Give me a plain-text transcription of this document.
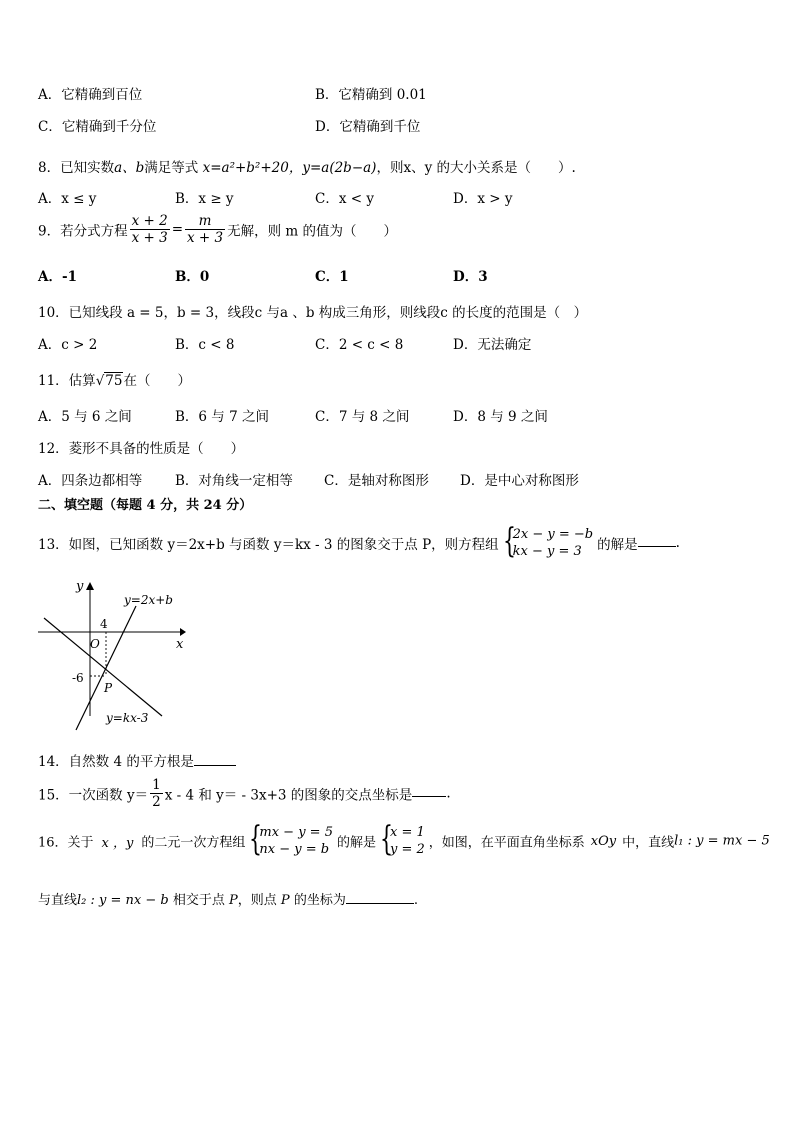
A．它精确到百位	B．它精确到 0.01
C．它精确到千分位	D．它精确到千位
8．已知实数a、b满足等式 x=a²+b²+20，y=a(2b−a)，则x、y 的大小关系是（　　）.
A．x ≤ y	B．x ≥ y	C．x < y	D．x > y
9．若分式方程 $\frac{x + 2}{x + 3} = \frac{m}{x + 3}$ 无解，则 m 的值为（　　）
A．-1	B．0	C．1	D．3
10．已知线段 a = 5，b = 3，线段c 与a 、b 构成三角形，则线段c 的长度的范围是（　）
A．c > 2	B．c < 8	C．2 < c < 8	D．无法确定
11．估算√75在（　　）
A．5 与 6 之间	B．6 与 7 之间	C．7 与 8 之间	D．8 与 9 之间
12．菱形不具备的性质是（　　）
A．四条边都相等 B．对角线一定相等 C．是轴对称图形 D．是中心对称图形
二、填空题（每题 4 分，共 24 分）
13．如图，已知函数 y＝2x+b 与函数 y＝kx - 3 的图象交于点 P，则方程组 {
2x − y = −b
kx − y = 3	的解是	.
y
x
O
y=2x+b
y=kx-3
4
-6
P
14．自然数 4 的平方根是
15．一次函数 $y= \frac{1}{2}$ x - 4 和 y＝ - 3x+3 的图象的交点坐标是	.
16．关于 x ，y 的二元一次方程组 {
mx − y = 5
nx − y = b 的解是 {
x = 1
y = 2 ，如图，在平面直角坐标系 xOy 中，直线l₁ : y = mx − 5
与直线l₂ : y = nx − b 相交于点 P，则点 P 的坐标为	.
